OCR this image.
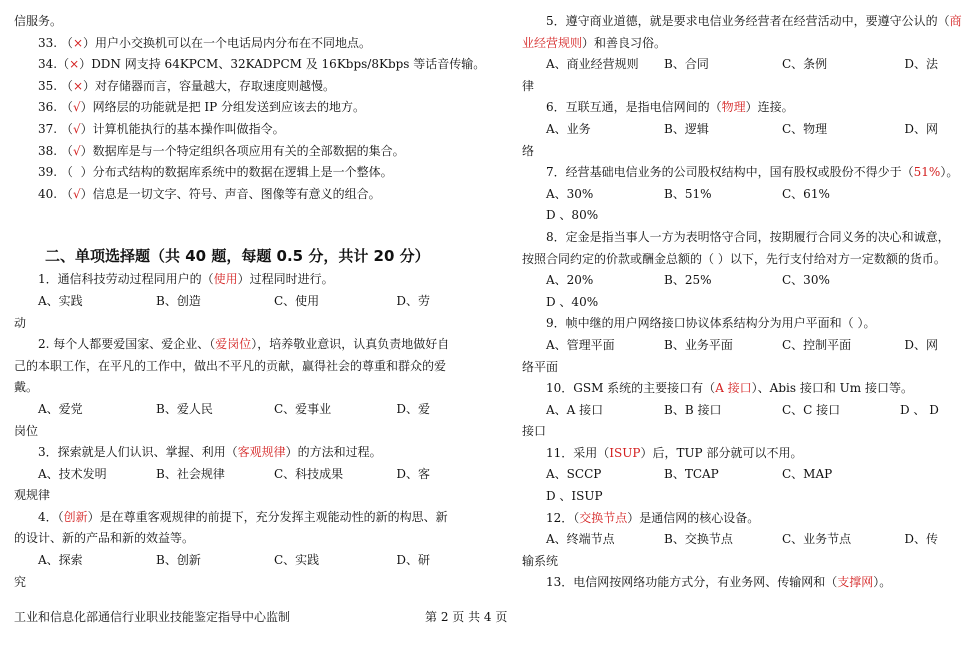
信服务。
33. （×）用户小交换机可以在一个电话局内分布在不同地点。
34.（×）DDN 网支持 64KPCM、32KADPCM 及 16Kbps/8Kbps 等话音传输。
35. （×）对存储器而言，容量越大，存取速度则越慢。
36. （√）网络层的功能就是把 IP 分组发送到应该去的地方。
37. （√）计算机能执行的基本操作叫做指令。
38. （√）数据库是与一个特定组织各项应用有关的全部数据的集合。
39. （ ）分布式结构的数据库系统中的数据在逻辑上是一个整体。
40. （√）信息是一切文字、符号、声音、图像等有意义的组合。
二、单项选择题（共 40 题，每题 0.5 分，共计 20 分）
1．通信科技劳动过程同用户的（使用）过程同时进行。
A、实践	B、创造	C、使用	D、劳
动
2. 每个人都要爱国家、爱企业、（爱岗位），培养敬业意识，认真负责地做好自
己的本职工作，在平凡的工作中，做出不平凡的贡献，赢得社会的尊重和群众的爱
戴。
A、爱党	B、爱人民	C、爱事业	D、爱
岗位
3．探索就是人们认识、掌握、利用（客观规律）的方法和过程。
A、技术发明	B、社会规律	C、科技成果	D、客
观规律
4．（创新）是在尊重客观规律的前提下，充分发挥主观能动性的新的构思、新
的设计、新的产品和新的效益等。
A、探索	B、创新	C、实践	D、研
究
5．遵守商业道德，就是要求电信业务经营者在经营活动中，要遵守公认的（商
业经营规则）和善良习俗。
A、商业经营规则	B、合同	C、条例	D、法
律
6．互联互通，是指电信网间的（物理）连接。
A、业务	B、逻辑	C、物理	D、网
络
7．经营基础电信业务的公司股权结构中，国有股权或股份不得少于（51%）。
A、30%	B、51%	C、61%
D 、80%
8．定金是指当事人一方为表明恪守合同，按期履行合同义务的决心和诚意，
按照合同约定的价款或酬金总额的（ ）以下，先行支付给对方一定数额的货币。
A、20%	B、25%	C、30%
D 、40%
9．帧中继的用户网络接口协议体系结构分为用户平面和（ ）。
A、管理平面	B、业务平面	C、控制平面	D、网
络平面
10．GSM 系统的主要接口有（A 接口）、Abis 接口和 Um 接口等。
A、A 接口	B、B 接口	C、C 接口	D 、 D
接口
11．采用（ISUP）后，TUP 部分就可以不用。
A、SCCP	B、TCAP	C、MAP
D 、ISUP
12．（交换节点）是通信网的核心设备。
A、终端节点	B、交换节点	C、业务节点	D、传
输系统
13．电信网按网络功能方式分，有业务网、传输网和（支撑网）。
工业和信息化部通信行业职业技能鉴定指导中心监制	第 2 页 共 4 页
